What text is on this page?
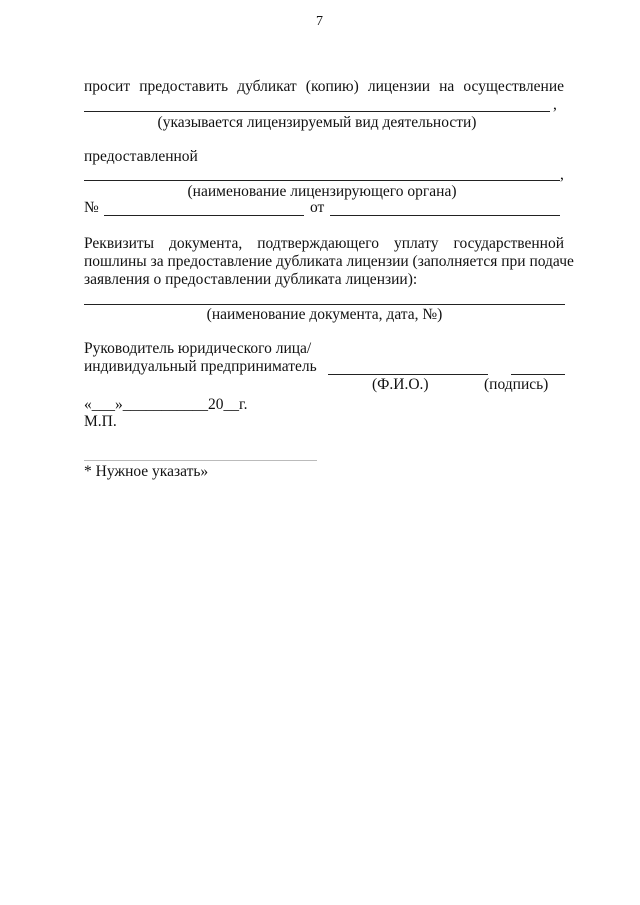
7
просит предоставить дубликат (копию) лицензии на осуществление
,
(указывается лицензируемый вид деятельности)
предоставленной
,
(наименование лицензирующего органа)
№	от
Реквизиты документа, подтверждающего уплату государственной
пошлины за предоставление дубликата лицензии (заполняется при подаче
заявления о предоставлении дубликата лицензии):
(наименование документа, дата, №)
Руководитель юридического лица/
индивидуальный предприниматель
(Ф.И.О.)	(подпись)
«___»___________20__г.
М.П.
* Нужное указать»
